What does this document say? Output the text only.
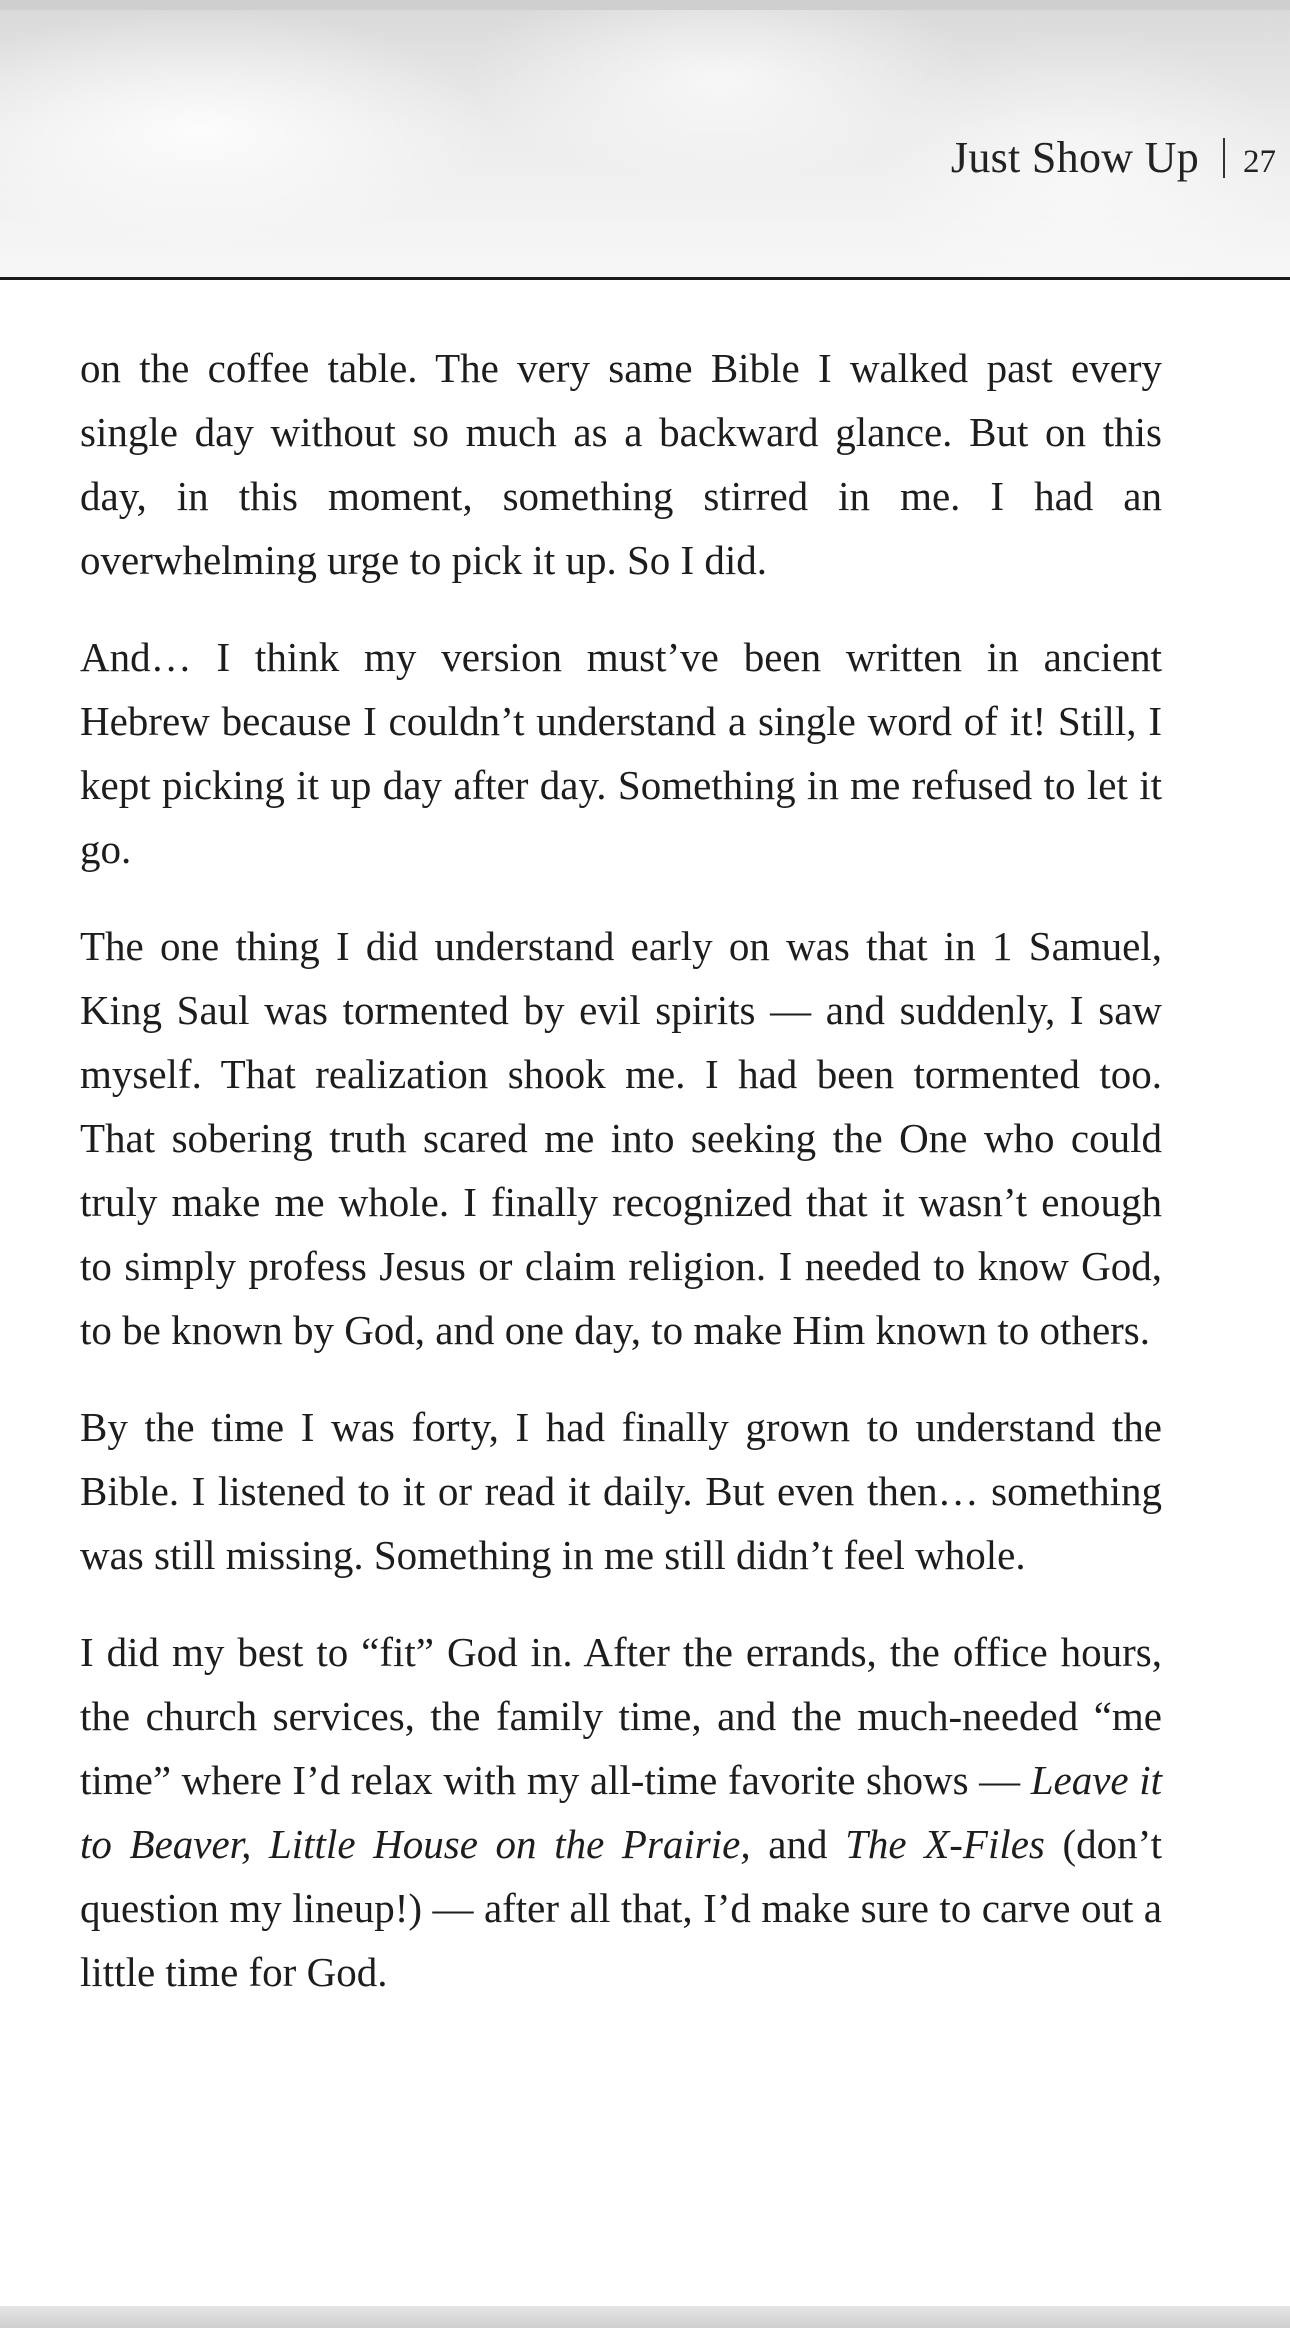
Just Show Up 27

on the coffee table. The very same Bible I walked past every single day without so much as a backward glance. But on this day, in this moment, something stirred in me. I had an overwhelming urge to pick it up. So I did.

And… I think my version must’ve been written in ancient Hebrew because I couldn’t understand a single word of it! Still, I kept picking it up day after day. Something in me refused to let it go.

The one thing I did understand early on was that in 1 Samuel, King Saul was tormented by evil spirits — and suddenly, I saw myself. That realization shook me. I had been tormented too. That sobering truth scared me into seeking the One who could truly make me whole. I finally recognized that it wasn’t enough to simply profess Jesus or claim religion. I needed to know God, to be known by God, and one day, to make Him known to others.

By the time I was forty, I had finally grown to understand the Bible. I listened to it or read it daily. But even then… something was still missing. Something in me still didn’t feel whole.

I did my best to “fit” God in. After the errands, the office hours, the church services, the family time, and the much-needed “me time” where I’d relax with my all-time favorite shows — Leave it to Beaver, Little House on the Prairie, and The X-Files (don’t question my lineup!) — after all that, I’d make sure to carve out a little time for God.
